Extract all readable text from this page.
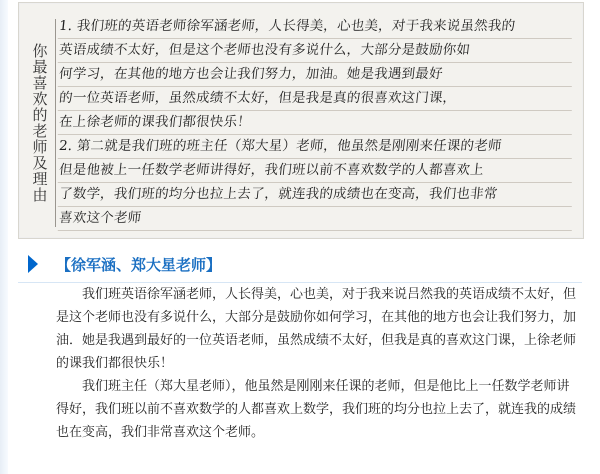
你最喜欢的老师及理由
1. 我们班的英语老师徐军涵老师，人长得美，心也美，对于我来说虽然我的
英语成绩不太好，但是这个老师也没有多说什么，大部分是鼓励你如
何学习，在其他的地方也会让我们努力，加油。她是我遇到最好
的一位英语老师，虽然成绩不太好，但是我是真的很喜欢这门课，
在上徐老师的课我们都很快乐！
2. 第二就是我们班的班主任（郑大星）老师，他虽然是刚刚来任课的老师
但是他被上一任数学老师讲得好，我们班以前不喜欢数学的人都喜欢上
了数学，我们班的均分也拉上去了，就连我的成绩也在变高，我们也非常
喜欢这个老师
【徐军涵、郑大星老师】

我们班英语徐军涵老师，人长得美，心也美，对于我来说吕然我的英语成绩不太好，但是这个老师也没有多说什么，大部分是鼓励你如何学习，在其他的地方也会让我们努力，加油．她是我遇到最好的一位英语老师，虽然成绩不太好，但我是真的喜欢这门课，上徐老师的课我们都很快乐！

我们班主任（郑大星老师），他虽然是刚刚来任课的老师，但是他比上一任数学老师讲得好，我们班以前不喜欢数学的人都喜欢上数学，我们班的均分也拉上去了，就连我的成绩也在变高，我们非常喜欢这个老师。
